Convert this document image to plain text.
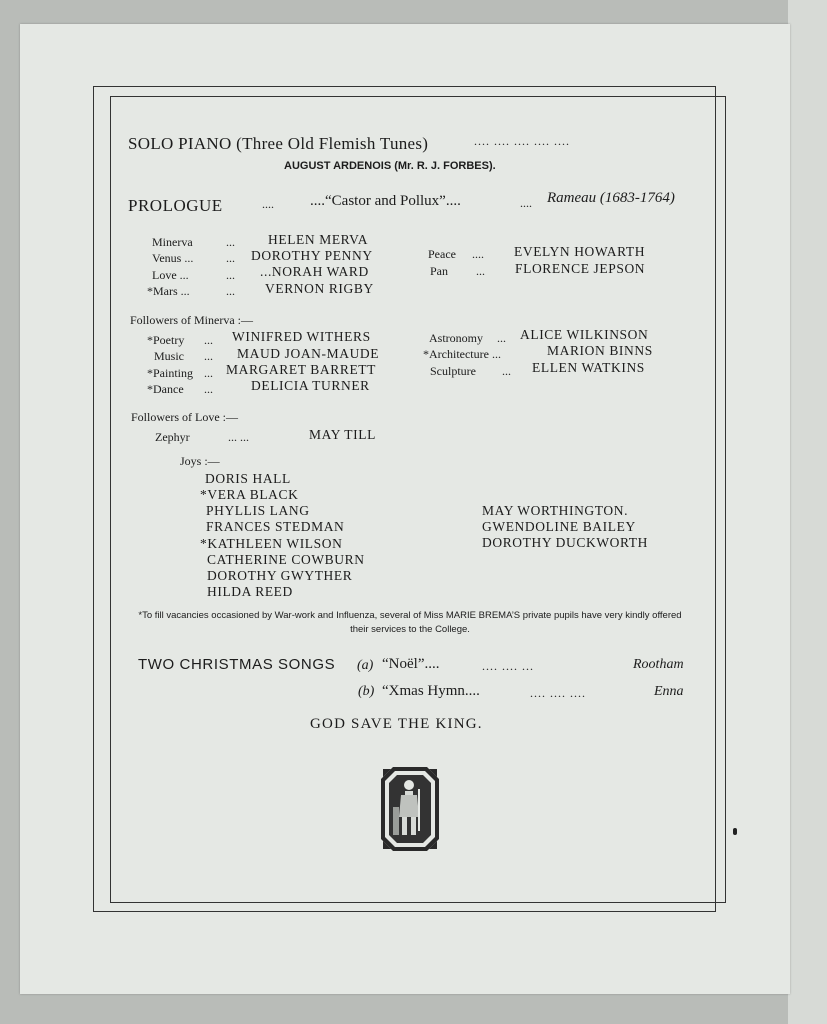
SOLO PIANO (Three Old Flemish Tunes)	.... .... .... .... ....
AUGUST ARDENOIS (Mr. R. J. FORBES).
PROLOGUE	.... ....“Castor and Pollux”....	.... Rameau (1683-1764)
Minerva	... HELEN MERVA
Venus ...	... DOROTHY PENNY
Love ...	... ...NORAH WARD
*Mars ...	... VERNON RIGBY
Peace .... EVELYN HOWARTH
Pan ... FLORENCE JEPSON
Followers of Minerva :—
*Poetry ... WINIFRED WITHERS
Music ... MAUD JOAN-MAUDE
*Painting ... MARGARET BARRETT
*Dance ...	DELICIA TURNER
Astronomy ... ALICE WILKINSON
*Architecture ...	MARION BINNS
Sculpture ... ELLEN WATKINS
Followers of Love :—
Zephyr	... ...	MAY TILL
Joys :—
DORIS HALL
*VERA BLACK
PHYLLIS LANG
FRANCES STEDMAN
*KATHLEEN WILSON
CATHERINE COWBURN
DOROTHY GWYTHER
HILDA REED
MAY WORTHINGTON.
GWENDOLINE BAILEY
DOROTHY DUCKWORTH
*To fill vacancies occasioned by War-work and Influenza, several of Miss MARIE BREMA’S private pupils have very kindly offered their services to the College.
TWO CHRISTMAS SONGS (a) “Noël”....	.... .... ...	Rootham
(b) “Xmas Hymn....	.... .... ....	Enna
GOD SAVE THE KING.
